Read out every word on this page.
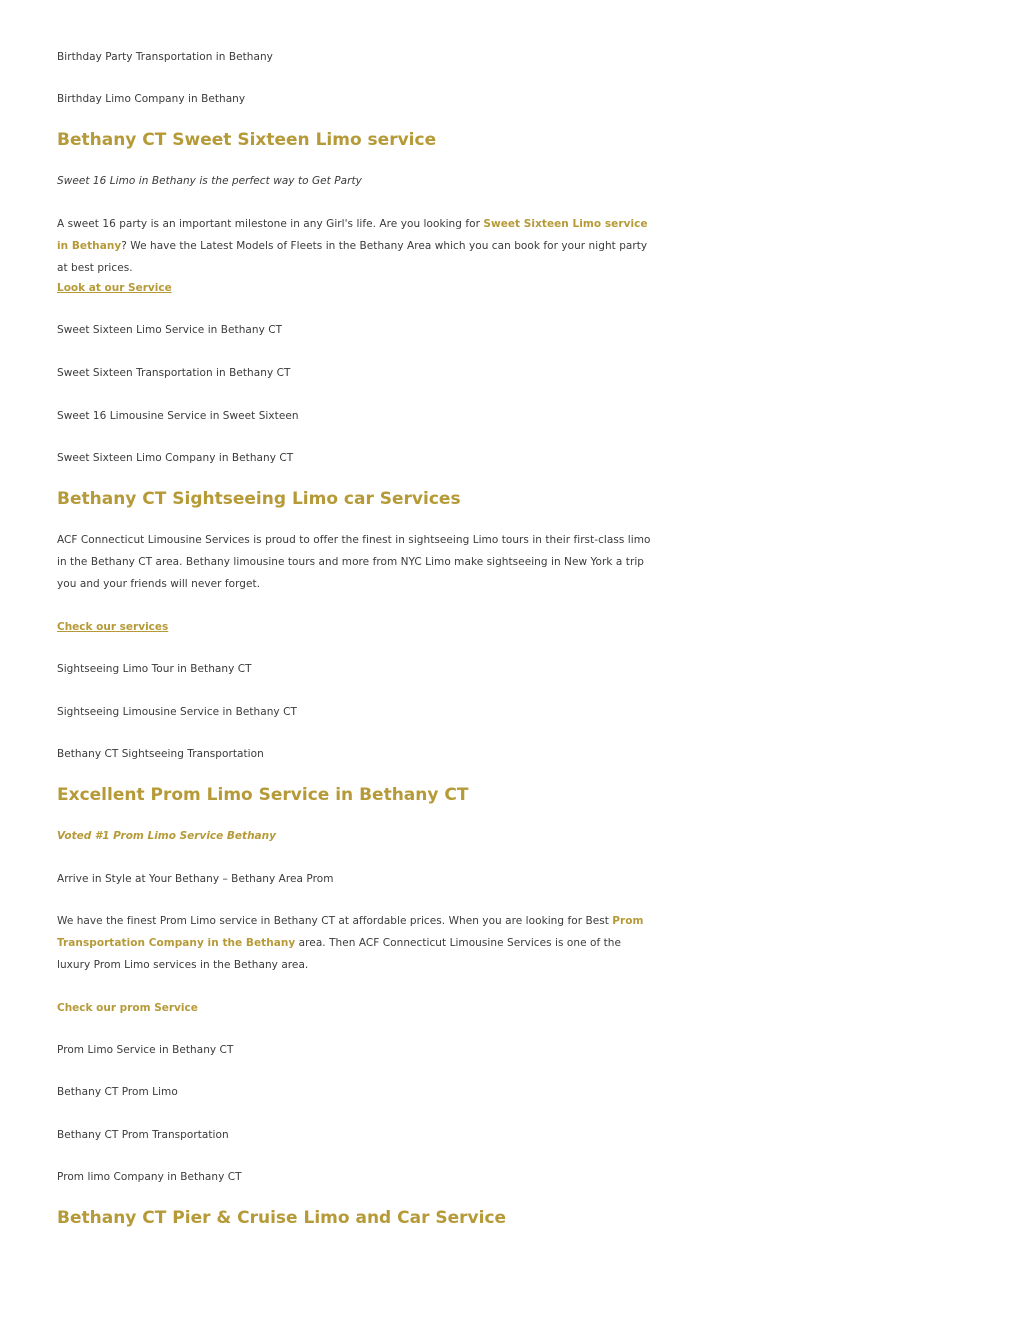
Birthday Party Transportation in Bethany

Birthday Limo Company in Bethany

Bethany CT Sweet Sixteen Limo service

Sweet 16 Limo in Bethany is the perfect way to Get Party

A sweet 16 party is an important milestone in any Girl's life. Are you looking for Sweet Sixteen Limo service in Bethany? We have the Latest Models of Fleets in the Bethany Area which you can book for your night party at best prices.

Look at our Service

Sweet Sixteen Limo Service in Bethany CT

Sweet Sixteen Transportation in Bethany CT

Sweet 16 Limousine Service in Sweet Sixteen

Sweet Sixteen Limo Company in Bethany CT

Bethany CT Sightseeing Limo car Services

ACF Connecticut Limousine Services is proud to offer the finest in sightseeing Limo tours in their first-class limo in the Bethany CT area. Bethany limousine tours and more from NYC Limo make sightseeing in New York a trip you and your friends will never forget.

Check our services

Sightseeing Limo Tour in Bethany CT

Sightseeing Limousine Service in Bethany CT

Bethany CT Sightseeing Transportation

Excellent Prom Limo Service in Bethany CT

Voted #1 Prom Limo Service Bethany

Arrive in Style at Your Bethany – Bethany Area Prom

We have the finest Prom Limo service in Bethany CT at affordable prices. When you are looking for Best Prom Transportation Company in the Bethany area. Then ACF Connecticut Limousine Services is one of the luxury Prom Limo services in the Bethany area.

Check our prom Service

Prom Limo Service in Bethany CT

Bethany CT Prom Limo

Bethany CT Prom Transportation

Prom limo Company in Bethany CT

Bethany CT Pier & Cruise Limo and Car Service
